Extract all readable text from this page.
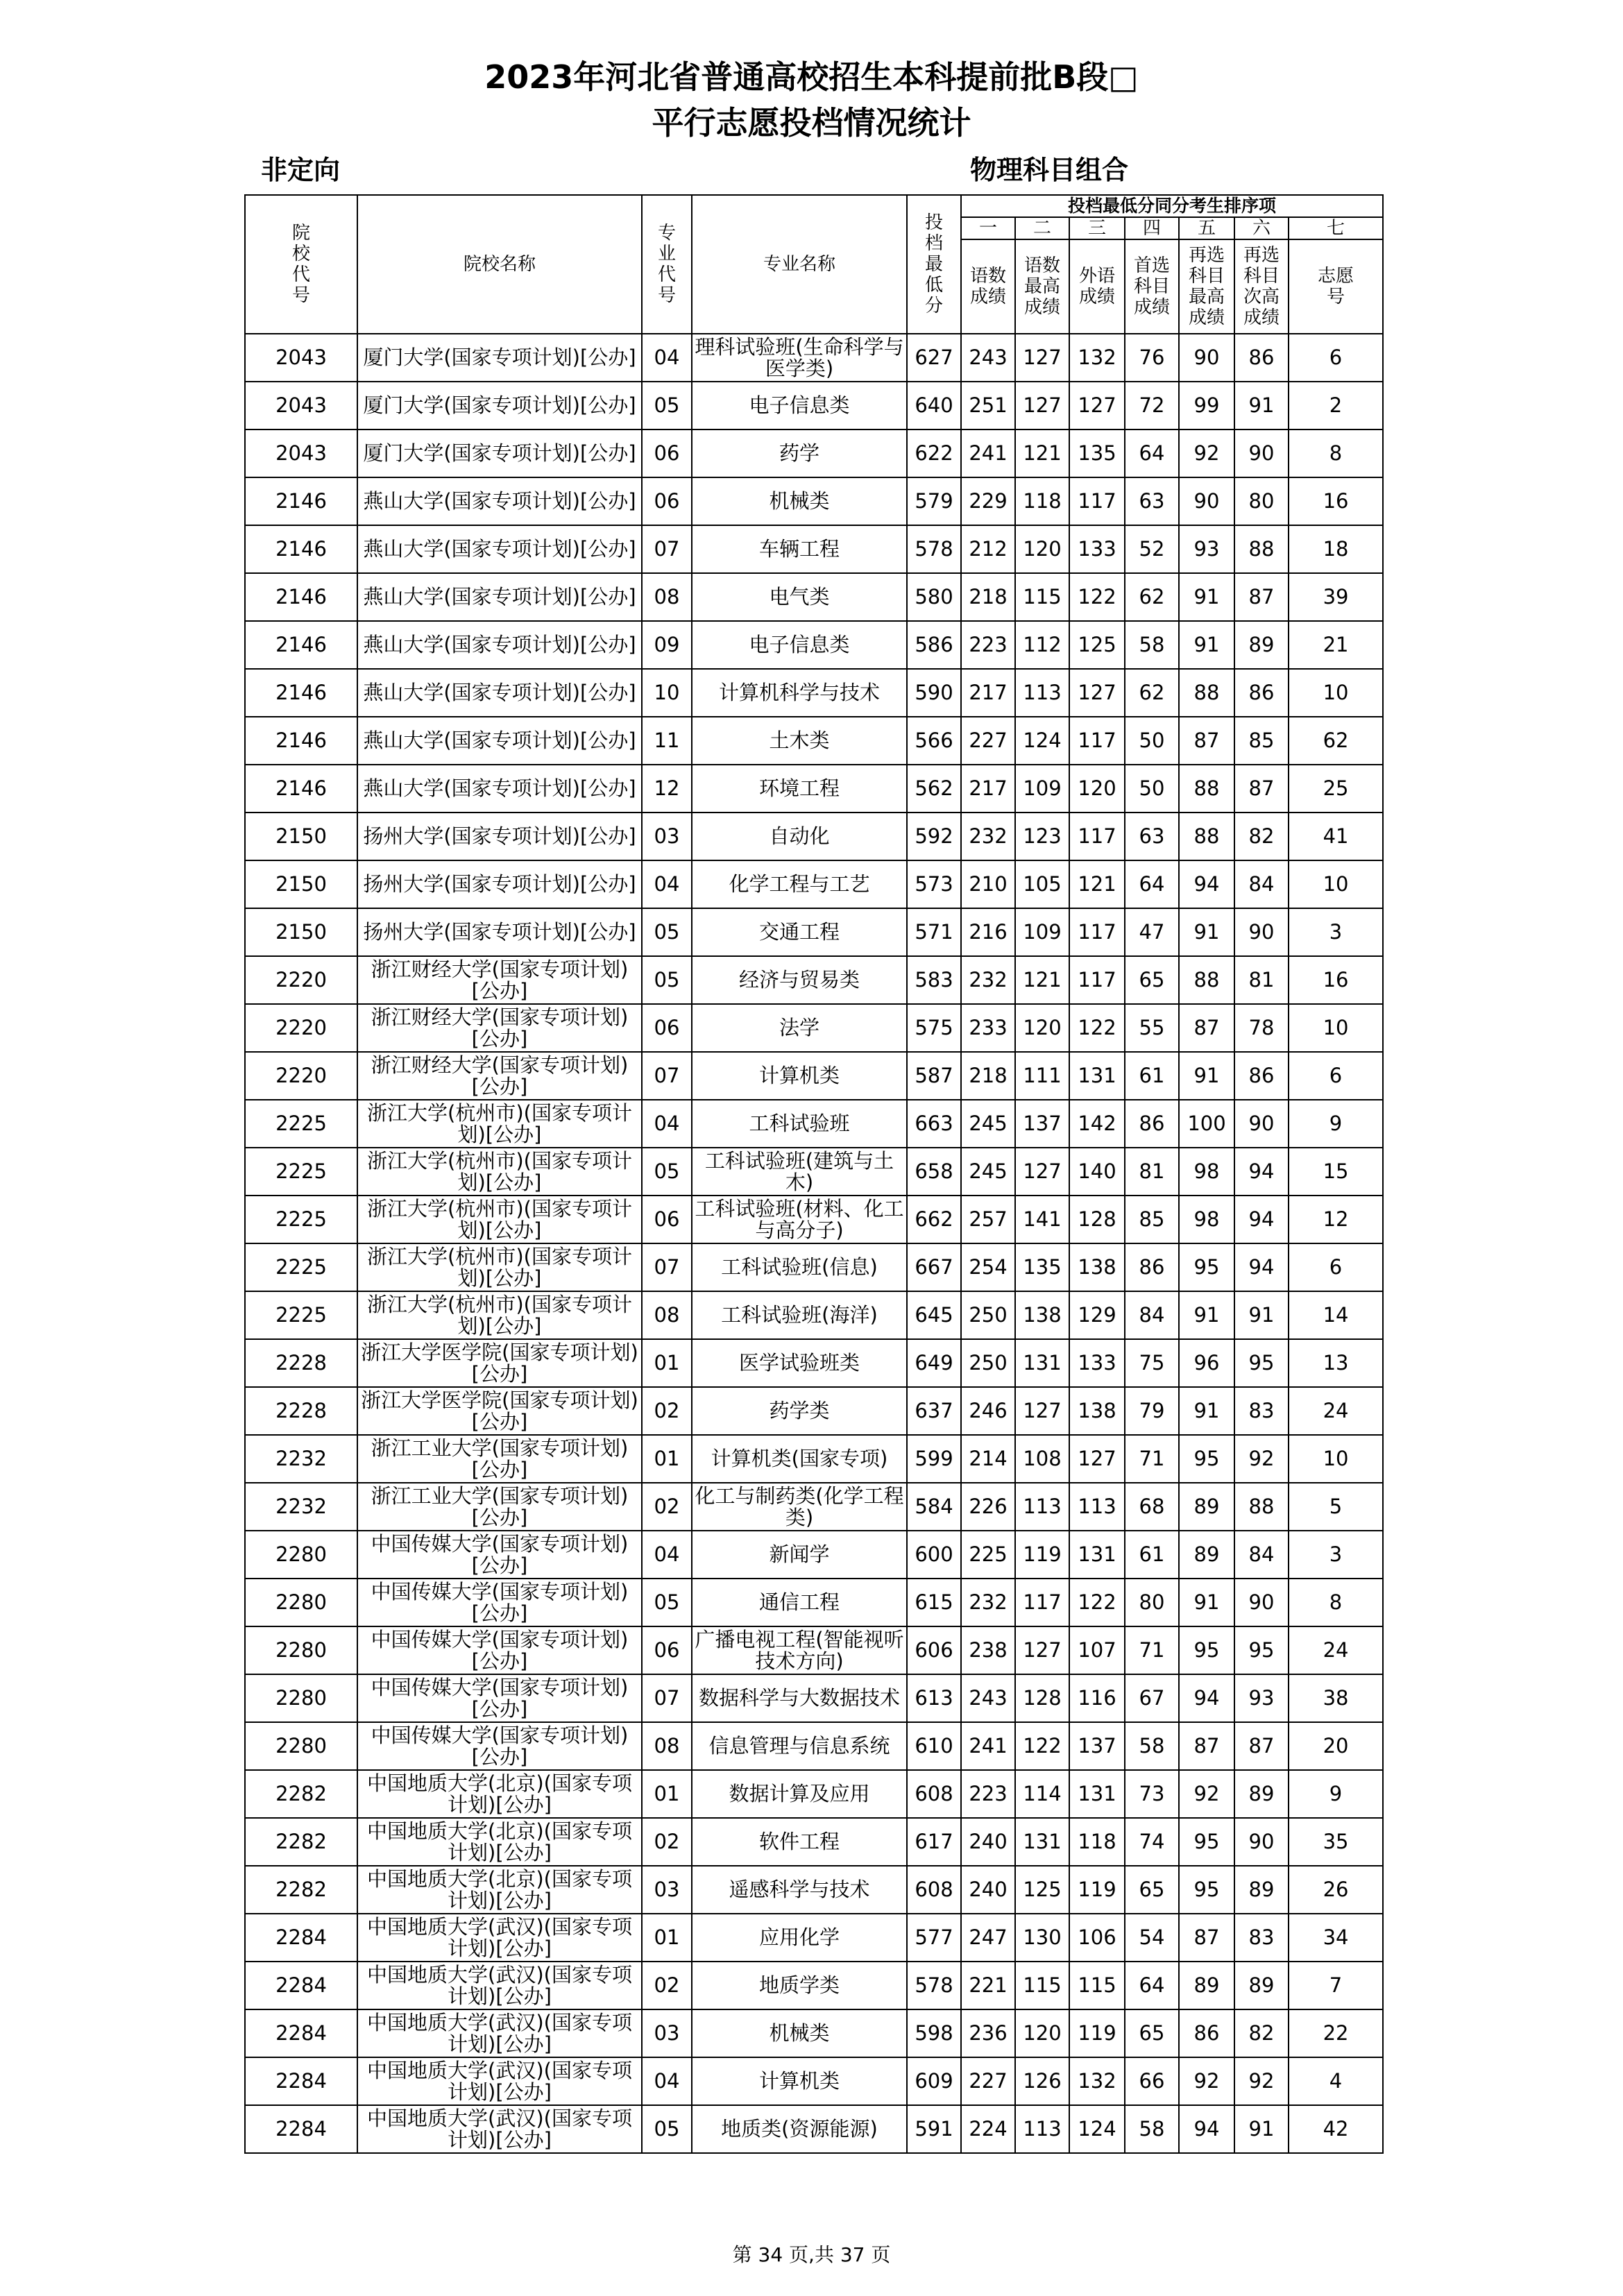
2023年河北省普通高校招生本科提前批B段□
平行志愿投档情况统计
非定向	物理科目组合
院校代号	院校名称	专业代号	专业名称	投档最低分	投档最低分同分考生排序项						
					一	二	三	四	五	六	七
					语数成绩	语数最高成绩	外语成绩	首选科目成绩	再选科目最高成绩	再选科目次高成绩	志愿号
2043	厦门大学(国家专项计划)[公办]	04	理科试验班(生命科学与医学类)	627	243	127	132	76	90	86	6
2043	厦门大学(国家专项计划)[公办]	05	电子信息类	640	251	127	127	72	99	91	2
2043	厦门大学(国家专项计划)[公办]	06	药学	622	241	121	135	64	92	90	8
2146	燕山大学(国家专项计划)[公办]	06	机械类	579	229	118	117	63	90	80	16
2146	燕山大学(国家专项计划)[公办]	07	车辆工程	578	212	120	133	52	93	88	18
2146	燕山大学(国家专项计划)[公办]	08	电气类	580	218	115	122	62	91	87	39
2146	燕山大学(国家专项计划)[公办]	09	电子信息类	586	223	112	125	58	91	89	21
2146	燕山大学(国家专项计划)[公办]	10	计算机科学与技术	590	217	113	127	62	88	86	10
2146	燕山大学(国家专项计划)[公办]	11	土木类	566	227	124	117	50	87	85	62
2146	燕山大学(国家专项计划)[公办]	12	环境工程	562	217	109	120	50	88	87	25
2150	扬州大学(国家专项计划)[公办]	03	自动化	592	232	123	117	63	88	82	41
2150	扬州大学(国家专项计划)[公办]	04	化学工程与工艺	573	210	105	121	64	94	84	10
2150	扬州大学(国家专项计划)[公办]	05	交通工程	571	216	109	117	47	91	90	3
2220	浙江财经大学(国家专项计划)[公办]	05	经济与贸易类	583	232	121	117	65	88	81	16
2220	浙江财经大学(国家专项计划)[公办]	06	法学	575	233	120	122	55	87	78	10
2220	浙江财经大学(国家专项计划)[公办]	07	计算机类	587	218	111	131	61	91	86	6
2225	浙江大学(杭州市)(国家专项计划)[公办]	04	工科试验班	663	245	137	142	86	100	90	9
2225	浙江大学(杭州市)(国家专项计划)[公办]	05	工科试验班(建筑与土木)	658	245	127	140	81	98	94	15
2225	浙江大学(杭州市)(国家专项计划)[公办]	06	工科试验班(材料、化工与高分子)	662	257	141	128	85	98	94	12
2225	浙江大学(杭州市)(国家专项计划)[公办]	07	工科试验班(信息)	667	254	135	138	86	95	94	6
2225	浙江大学(杭州市)(国家专项计划)[公办]	08	工科试验班(海洋)	645	250	138	129	84	91	91	14
2228	浙江大学医学院(国家专项计划)[公办]	01	医学试验班类	649	250	131	133	75	96	95	13
2228	浙江大学医学院(国家专项计划)[公办]	02	药学类	637	246	127	138	79	91	83	24
2232	浙江工业大学(国家专项计划)[公办]	01	计算机类(国家专项)	599	214	108	127	71	95	92	10
2232	浙江工业大学(国家专项计划)[公办]	02	化工与制药类(化学工程类)	584	226	113	113	68	89	88	5
2280	中国传媒大学(国家专项计划)[公办]	04	新闻学	600	225	119	131	61	89	84	3
2280	中国传媒大学(国家专项计划)[公办]	05	通信工程	615	232	117	122	80	91	90	8
2280	中国传媒大学(国家专项计划)[公办]	06	广播电视工程(智能视听技术方向)	606	238	127	107	71	95	95	24
2280	中国传媒大学(国家专项计划)[公办]	07	数据科学与大数据技术	613	243	128	116	67	94	93	38
2280	中国传媒大学(国家专项计划)[公办]	08	信息管理与信息系统	610	241	122	137	58	87	87	20
2282	中国地质大学(北京)(国家专项计划)[公办]	01	数据计算及应用	608	223	114	131	73	92	89	9
2282	中国地质大学(北京)(国家专项计划)[公办]	02	软件工程	617	240	131	118	74	95	90	35
2282	中国地质大学(北京)(国家专项计划)[公办]	03	遥感科学与技术	608	240	125	119	65	95	89	26
2284	中国地质大学(武汉)(国家专项计划)[公办]	01	应用化学	577	247	130	106	54	87	83	34
2284	中国地质大学(武汉)(国家专项计划)[公办]	02	地质学类	578	221	115	115	64	89	89	7
2284	中国地质大学(武汉)(国家专项计划)[公办]	03	机械类	598	236	120	119	65	86	82	22
2284	中国地质大学(武汉)(国家专项计划)[公办]	04	计算机类	609	227	126	132	66	92	92	4
2284	中国地质大学(武汉)(国家专项计划)[公办]	05	地质类(资源能源)	591	224	113	124	58	94	91	42
第 34 页,共 37 页
